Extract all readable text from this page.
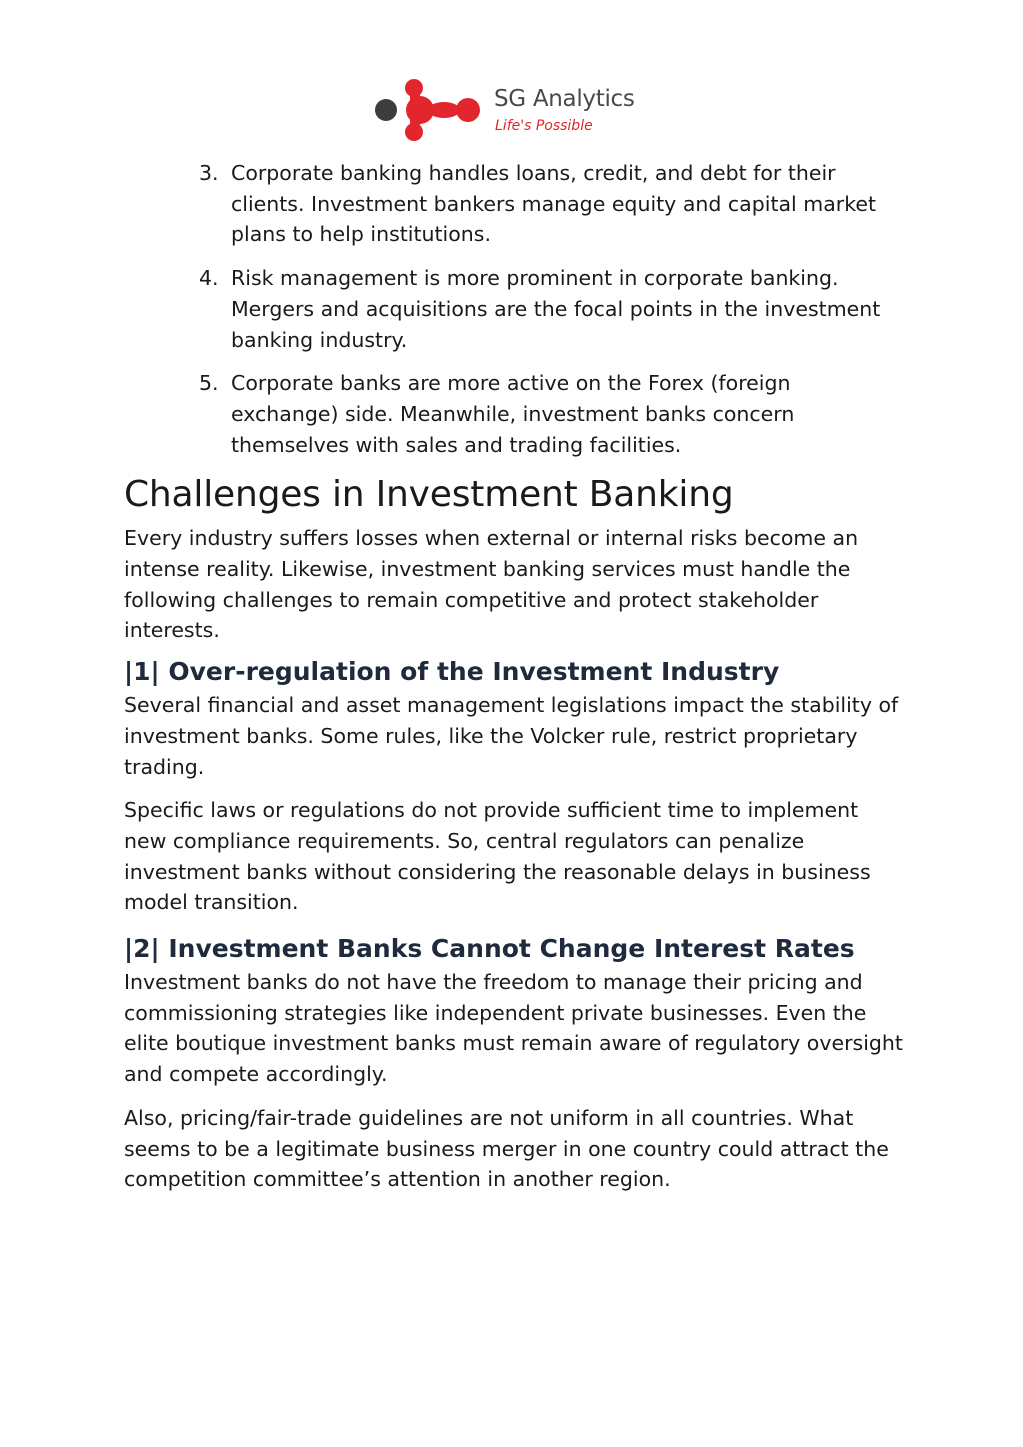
SG Analytics
Life's Possible
3. Corporate banking handles loans, credit, and debt for their clients. Investment bankers manage equity and capital market plans to help institutions.
4. Risk management is more prominent in corporate banking. Mergers and acquisitions are the focal points in the investment banking industry.
5. Corporate banks are more active on the Forex (foreign exchange) side. Meanwhile, investment banks concern themselves with sales and trading facilities.
Challenges in Investment Banking

Every industry suffers losses when external or internal risks become an intense reality. Likewise, investment banking services must handle the following challenges to remain competitive and protect stakeholder interests.

|1| Over-regulation of the Investment Industry

Several financial and asset management legislations impact the stability of investment banks. Some rules, like the Volcker rule, restrict proprietary trading.

Specific laws or regulations do not provide sufficient time to implement new compliance requirements. So, central regulators can penalize investment banks without considering the reasonable delays in business model transition.

|2| Investment Banks Cannot Change Interest Rates

Investment banks do not have the freedom to manage their pricing and commissioning strategies like independent private businesses. Even the elite boutique investment banks must remain aware of regulatory oversight and compete accordingly.

Also, pricing/fair-trade guidelines are not uniform in all countries. What seems to be a legitimate business merger in one country could attract the competition committee’s attention in another region.
